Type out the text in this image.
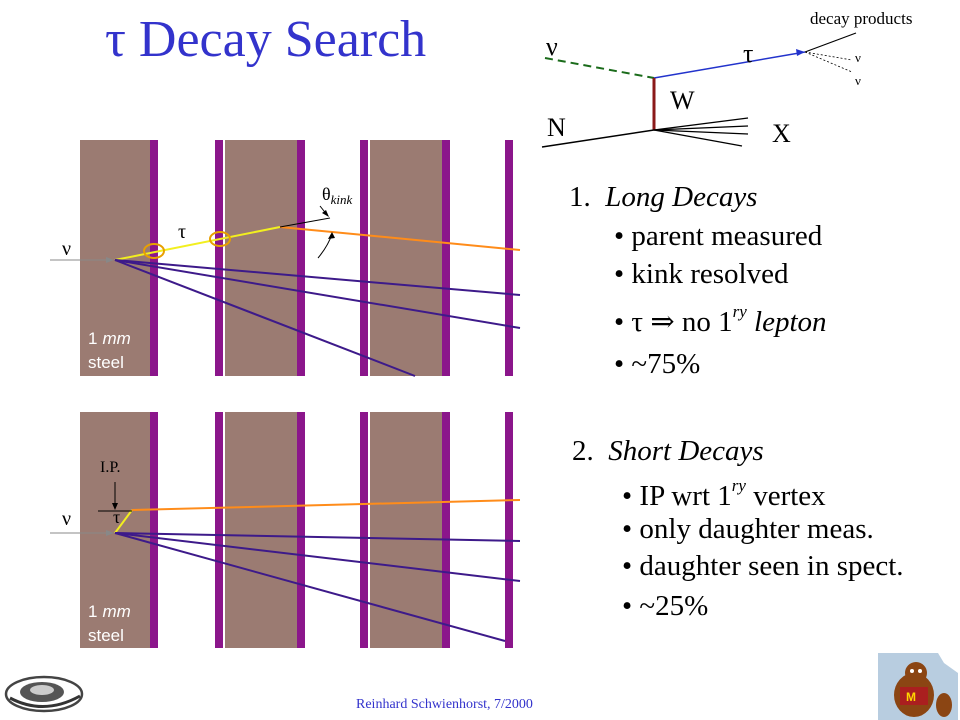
τ Decay Search	ν	τ
W
N	X
decay products
ν
ν
ν
τ
$\theta_{kink}$
1 mm
steel
ν τ
I.P.
1 mm
steel
1. Long Decays
• parent measured
• kink resolved
• τ ⇒ no $1^{ry}$ lepton
• ~75%
2. Short Decays
• IP wrt $1^{ry}$ vertex
• only daughter meas.
• daughter seen in spect.
• ~25%
Reinhard Schwienhorst, 7/2000	M
